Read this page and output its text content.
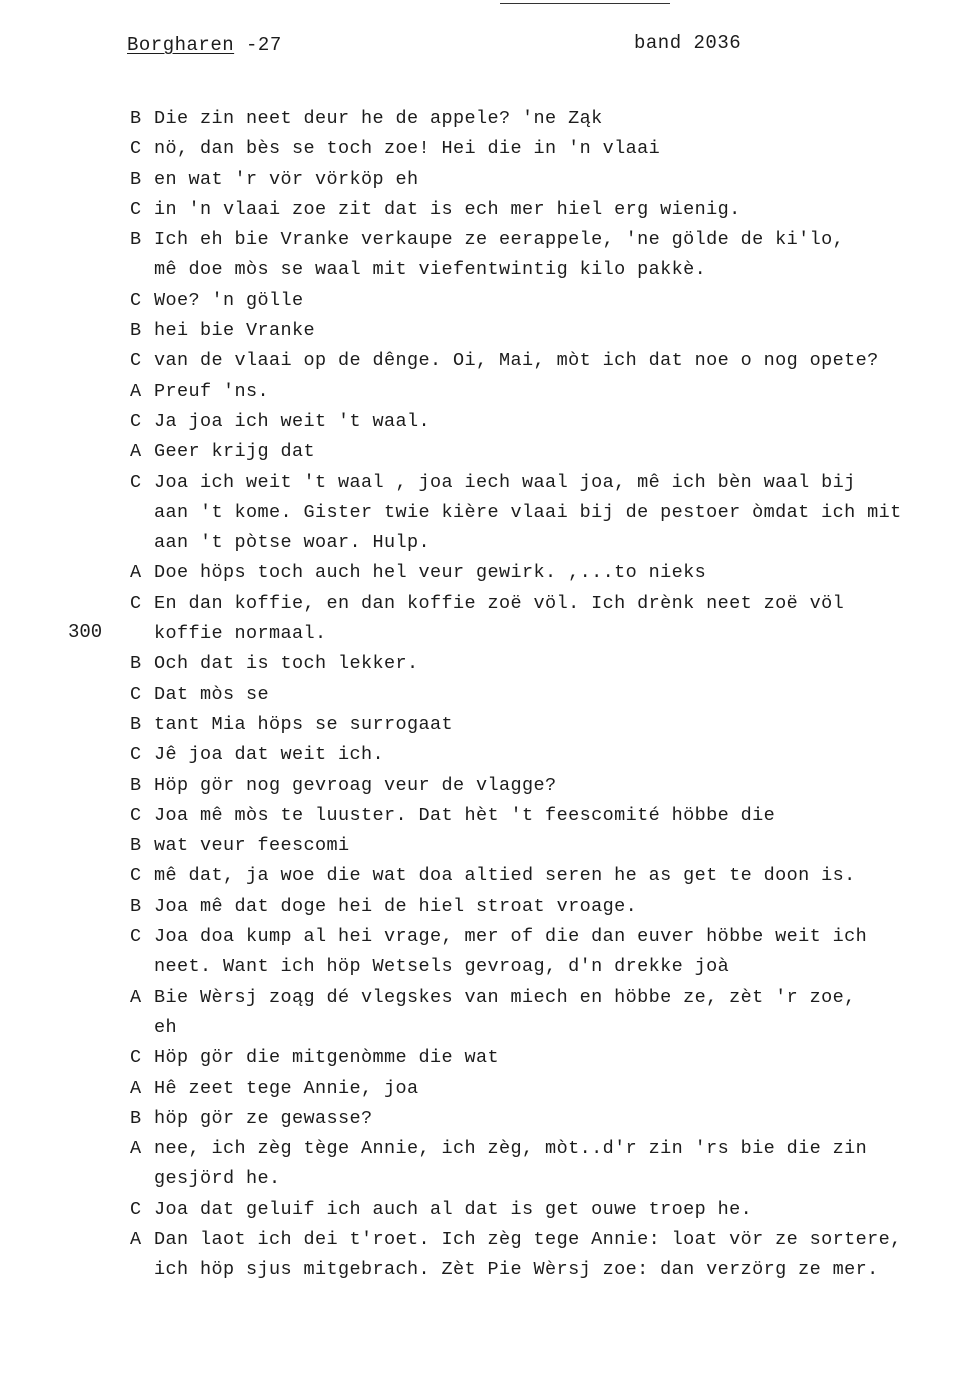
Borgharen -27	band 2036
300
B Die zin neet deur he de appele? 'ne Ząk
C nö, dan bès se toch zoe! Hei die in 'n vlaai
B en wat 'r vör vörköp eh
C in 'n vlaai zoe zit dat is ech mer hiel erg wienig.
B Ich eh bie Vranke verkaupe ze eerappele, 'ne gölde de ki'lo,
mê doe mòs se waal mit viefentwintig kilo pakkè.
C Woe? 'n gölle
B hei bie Vranke
C van de vlaai op de dênge. Oi, Mai, mòt ich dat noe o nog opete?
A Preuf 'ns.
C Ja joa ich weit 't waal.
A Geer krijg dat
C Joa ich weit 't waal , joa iech waal joa, mê ich bèn waal bij
aan 't kome. Gister twie kière vlaai bij de pestoer òmdat ich mit
aan 't pòtse woar. Hulp.
A Doe höps toch auch hel veur gewirk. ,...to nieks
C En dan koffie, en dan koffie zoë völ. Ich drènk neet zoë völ
koffie normaal.
B Och dat is toch lekker.
C Dat mòs se
B tant Mia höps se surrogaat
C Jê joa dat weit ich.
B Höp gör nog gevroag veur de vlagge?
C Joa mê mòs te luuster. Dat hèt 't feescomité höbbe die
B wat veur feescomi
C mê dat, ja woe die wat doa altied seren he as get te doon is.
B Joa mê dat doge hei de hiel stroat vroage.
C Joa doa kump al hei vrage, mer of die dan euver höbbe weit ich
neet. Want ich höp Wetsels gevroag, d'n drekke joà
A Bie Wèrsj zoąg dé vlegskes van miech en höbbe ze, zèt 'r zoe,
eh
C Höp gör die mitgenòmme die wat
A Hê zeet tege Annie, joa
B höp gör ze gewasse?
A nee, ich zèg tège Annie, ich zèg, mòt..d'r zin 'rs bie die zin
gesjörd he.
C Joa dat geluif ich auch al dat is get ouwe troep he.
A Dan laot ich dei t'roet. Ich zèg tege Annie: loat vör ze sortere,
ich höp sjus mitgebrach. Zèt Pie Wèrsj zoe: dan verzörg ze mer.
